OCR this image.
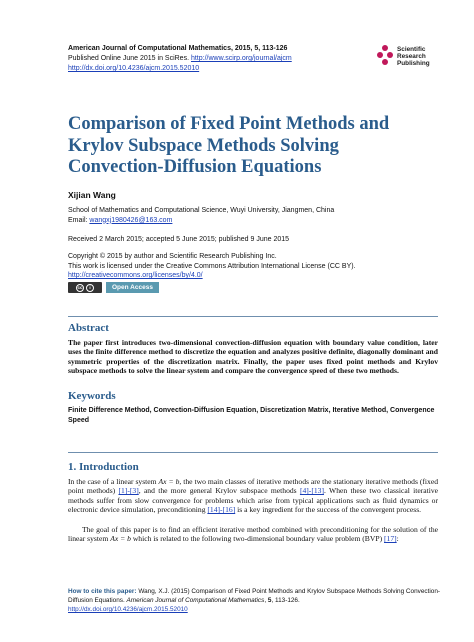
American Journal of Computational Mathematics, 2015, 5, 113-126
Published Online June 2015 in SciRes. http://www.scirp.org/journal/ajcm
http://dx.doi.org/10.4236/ajcm.2015.52010
Scientific
Research
Publishing
Comparison of Fixed Point Methods and
Krylov Subspace Methods Solving
Convection-Diffusion Equations
Xijian Wang
School of Mathematics and Computational Science, Wuyi University, Jiangmen, China
Email: wangxj1980426@163.com
Received 2 March 2015; accepted 5 June 2015; published 9 June 2015
Copyright © 2015 by author and Scientific Research Publishing Inc.
This work is licensed under the Creative Commons Attribution International License (CC BY).
http://creativecommons.org/licenses/by/4.0/
cc	i	Open Access
Abstract
The paper first introduces two-dimensional convection-diffusion equation with boundary value condition, later uses the finite difference method to discretize the equation and analyzes positive definite, diagonally dominant and symmetric properties of the discretization matrix. Finally, the paper uses fixed point methods and Krylov subspace methods to solve the linear system and compare the convergence speed of these two methods.
Keywords
Finite Difference Method, Convection-Diffusion Equation, Discretization Matrix, Iterative Method, Convergence Speed
1. Introduction
In the case of a linear system Ax = b, the two main classes of iterative methods are the stationary iterative methods (fixed point methods) [1]-[3], and the more general Krylov subspace methods [4]-[13]. When these two classical iterative methods suffer from slow convergence for problems which arise from typical applications such as fluid dynamics or electronic device simulation, preconditioning [14]-[16] is a key ingredient for the success of the convergent process.
The goal of this paper is to find an efficient iterative method combined with preconditioning for the solution of the linear system Ax = b which is related to the following two-dimensional boundary value problem (BVP) [17]:
How to cite this paper: Wang, X.J. (2015) Comparison of Fixed Point Methods and Krylov Subspace Methods Solving Convection-Diffusion Equations. American Journal of Computational Mathematics, 5, 113-126.
http://dx.doi.org/10.4236/ajcm.2015.52010
